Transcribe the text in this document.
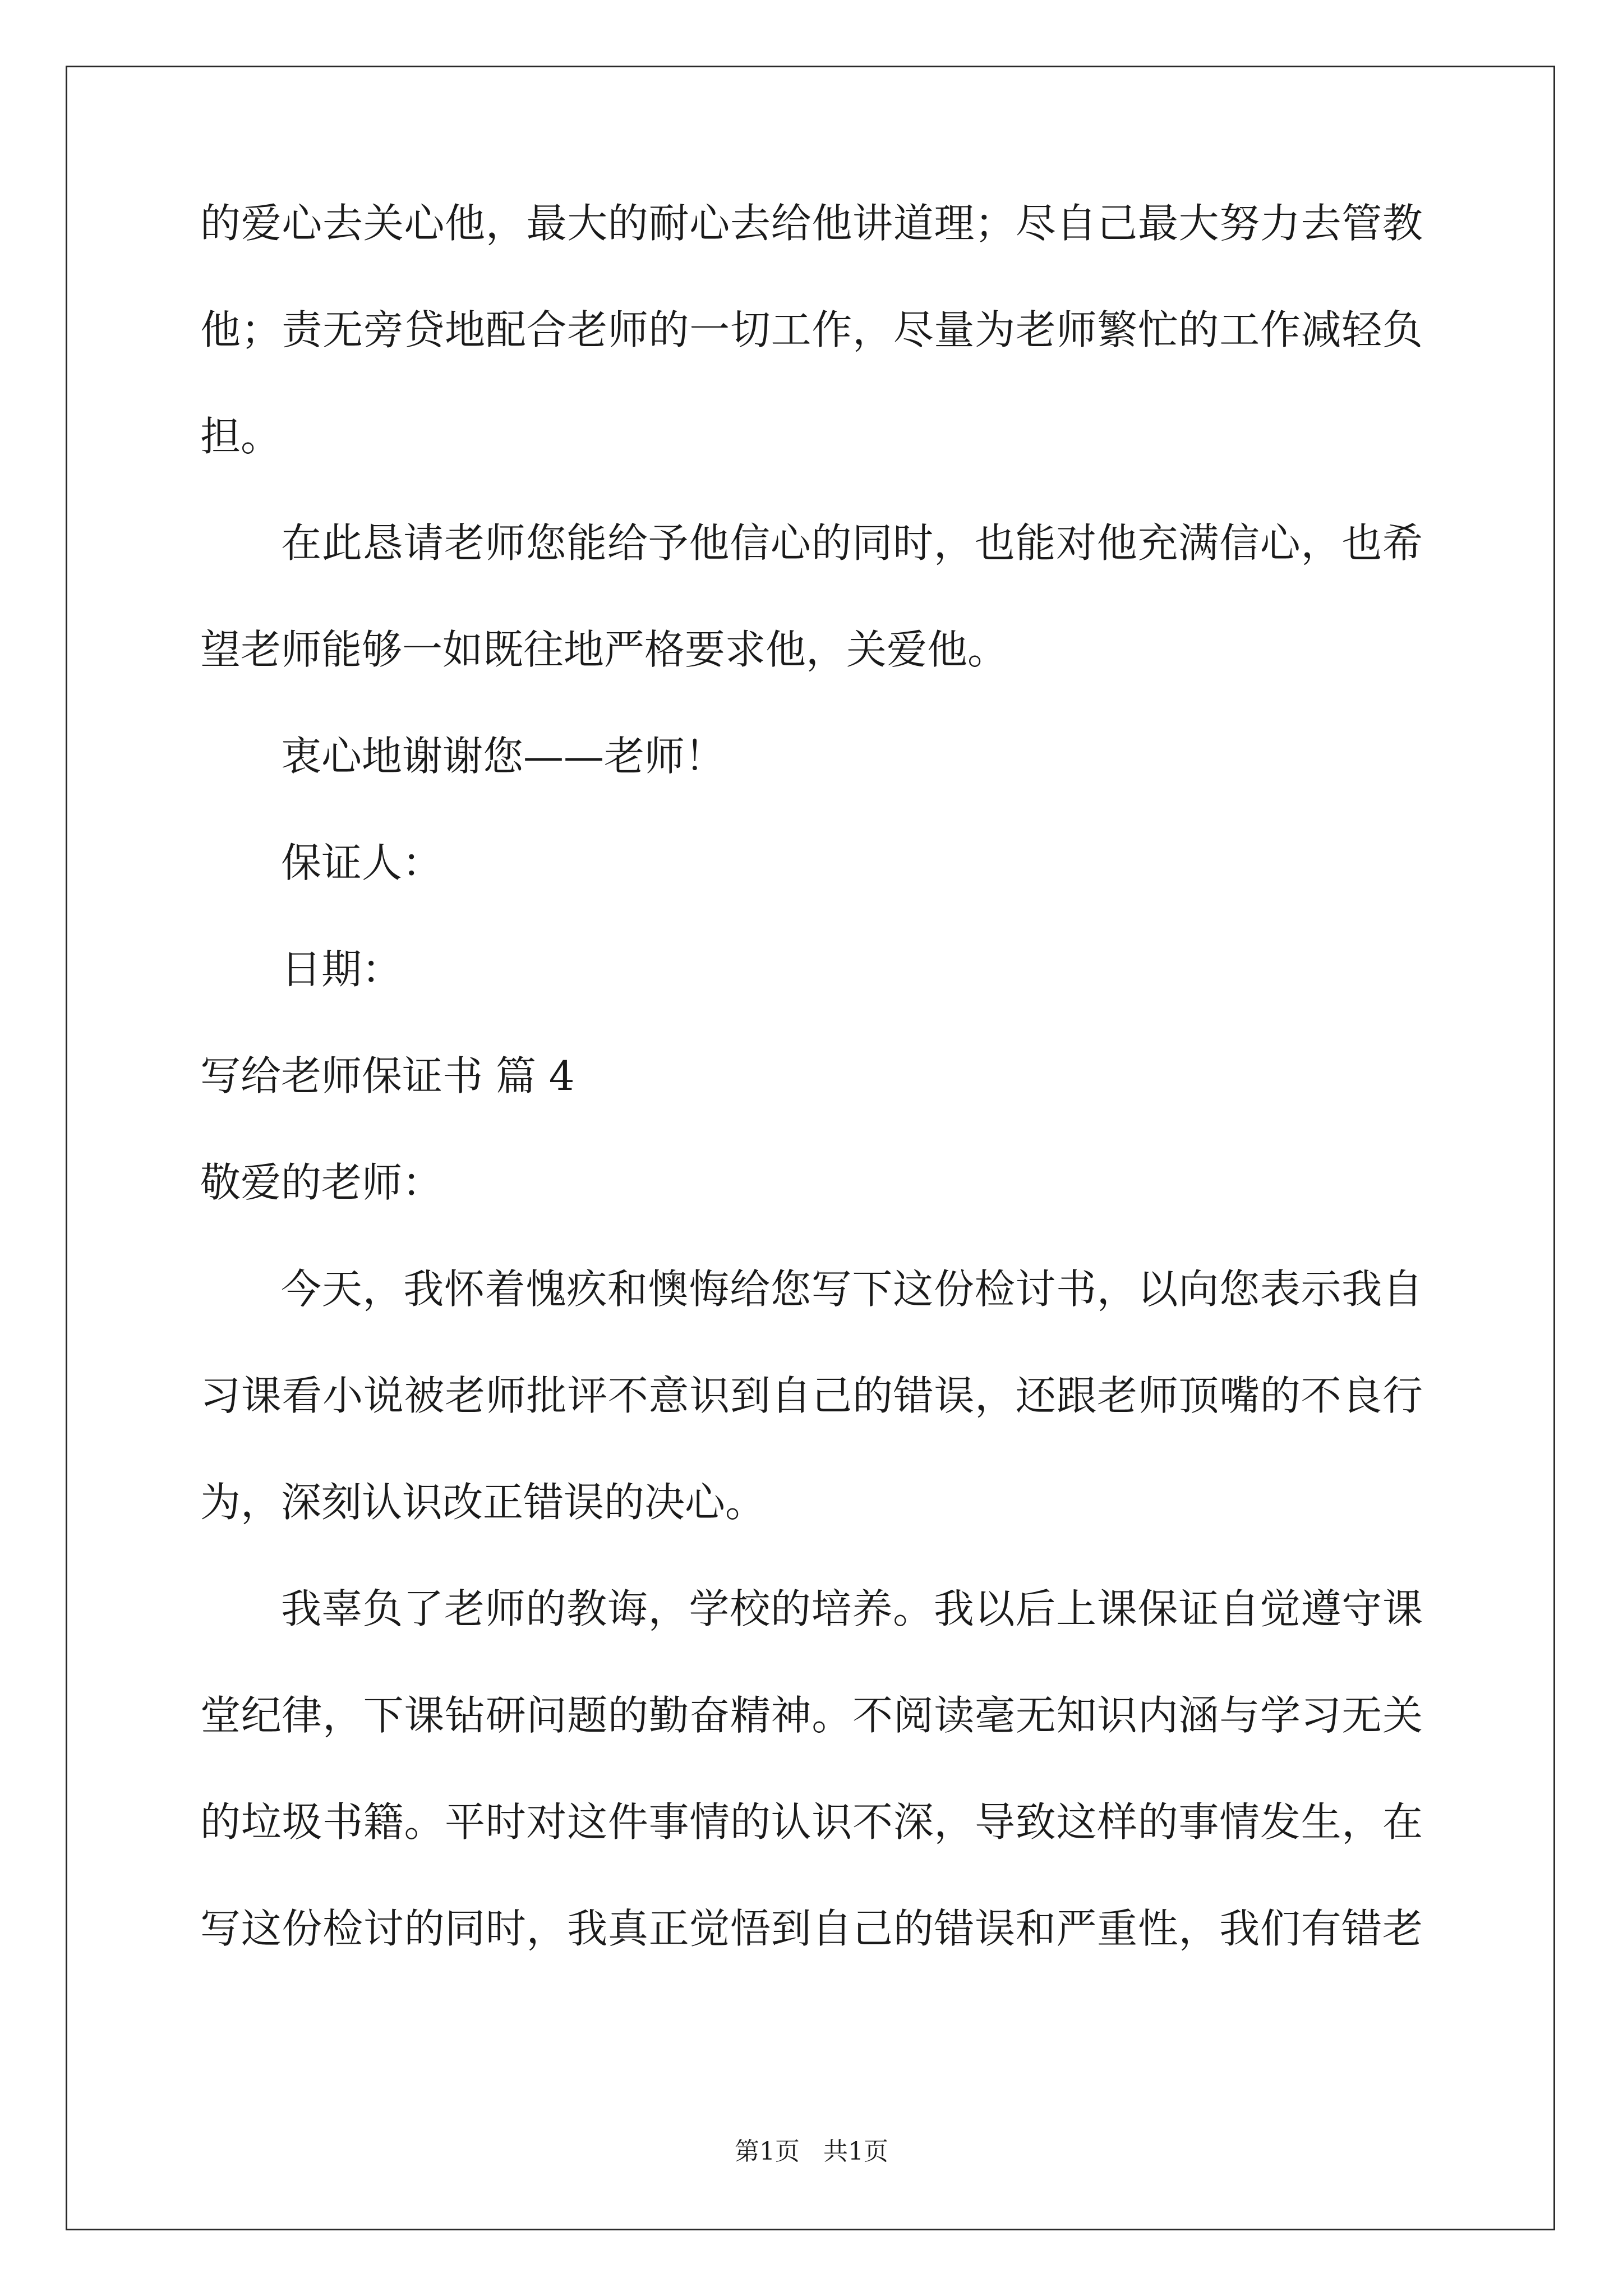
的爱心去关心他，最大的耐心去给他讲道理；尽自己最大努力去管教
他；责无旁贷地配合老师的一切工作，尽量为老师繁忙的工作减轻负
担。
在此恳请老师您能给予他信心的同时，也能对他充满信心，也希
望老师能够一如既往地严格要求他，关爱他。
衷心地谢谢您——老师！
保证人：
日期：
写给老师保证书 篇 4
敬爱的老师：
今天，我怀着愧疚和懊悔给您写下这份检讨书，以向您表示我自
习课看小说被老师批评不意识到自己的错误，还跟老师顶嘴的不良行
为，深刻认识改正错误的决心。
我辜负了老师的教诲，学校的培养。我以后上课保证自觉遵守课
堂纪律，下课钻研问题的勤奋精神。不阅读毫无知识内涵与学习无关
的垃圾书籍。平时对这件事情的认识不深，导致这样的事情发生，在
写这份检讨的同时，我真正觉悟到自己的错误和严重性，我们有错老
第1页   共1页
